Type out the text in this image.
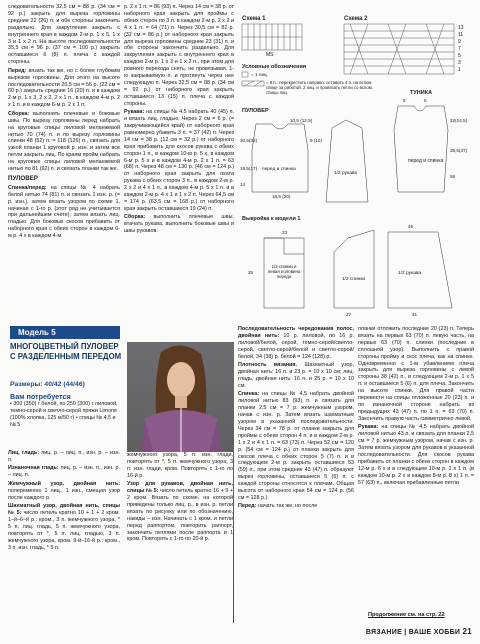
следовательности 32,5 см = 88 р. (34 см = 92 р.) закрыть для выреза горловины средние 22 (26) п. и обе стороны закончить раздельно. Для закругления закрыть с внутреннего края в каждом 2-м р. 1 х 5, 1 х 3 и 1 х 2 п. На высоте последовательности 35,5 см = 96 р. (37 см = 100 р.) закрыть оставшиеся 6 (8) п. плеча с каждой стороны.

Перед: вязать так же, но с более глубоким вырезом горловины. Для этого на высоте последовательности 20,5 см = 56 р. (22 см = 60 р.) закрыть средние 16 (20) п. и в каждом 2-м р. 1 х 3, 2 х 2, 2 х 1 п., в каждом 4-м р. 2 х 1 п. и в каждом 6-м р. 2 х 1 п.

Сборка: выполнить плечевые и боковые швы. По вырезу горловины перед набрать на круговые спицы лиловой меланжевой нитью 70 (74) п. и по вырезу горловины спинки 48 (52) п. = 118 (126) п., связать для узкой планки 1 круговой р. изн. и затем все петли закрыть лиц. По краям пройм набрать на круговые спицы лиловой меланжевой нитью по 81 (92) п. и связать планки так же.

ПУЛОВЕР

Спинка/перед: на спицы № 4 набрать белой нитью 74 (81) п. и связать 1 изн. р. (= р. изн.), затем вязать узором по схеме 1, начиная с 1-го р. (этот ряд не учитывается при дальнейшем счете); затем вязать лиц. гладью. Для боковых скосов прибавить от наборного края с обеих сторон в каждом 6-м р. 4 х в каждом 4-м

р. 2 х 1 п. = 86 (93) п. Через 14 см = 38 р. от наборного края закрыть для проймы с обеих сторон по 3 п. в каждом 2-м р. 2 х 2 и 4 х 1 п. = 64 (71) п. Через 30,5 см = 82 р. (32 см = 86 р.) от наборного края закрыть для выреза горловины средние 23 (31) п. и обе стороны закончить раздельно. Для закругления закрыть с внутреннего края в каждом 2-м р. 1 х 3 и 1 х 2 п., при этом для ровного перехода снять, не провязывая, 1-ю закрываемую п. и протянуть через нее следующую п. Через 32,5 см = 88 р. (34 см = 92 р.) от наборного края закрыть оставшиеся 13 (15) п. плеча с каждой стороны.

Рукава: на спицы № 4,5 набрать 40 (45) п. и вязать лиц. гладью. Через 2 см = 6 р. (= закручивающийся край) от наборного края равномерно убавить 3 п. = 37 (42) п. Через 14 см = 38 р. (12 см = 32 р.) от наборного края прибавить для скосов рукава с обеих сторон 1 п., в каждом 10-м р. 5 х, в каждом 6-м р. 5 х и в каждом 4-м р. 2 х 1 п. = 63 (68) п. Через 48 см = 130 р. (46 см = 124 р.) от наборного края закрыть для оката рукава с обеих сторон 3 п., в каждом 2-м р. 2 х 2 и 4 х 1 п., в каждом 4-м р. 5 х 1 п. и в каждом 2-м р. 4 х 1 и 1 х 2 п. Через 64,5 см = 174 р. (63,5 см = 168 р.) от наборного края закрыть оставшиеся 19 (24) п.

Сборка: выполнить плечевые швы, втачать рукава, выполнить боковые швы и швы рукавов.

Схема 1
MS
Схема 2
13
11
9
7
5
3
1
Условные обозначения
= 1 лиц.
= 8 п.: перекрестить направо: оставить 4 п. на вспом. спице за работой, 2 лиц. и провязать петли со вспом. спицы лиц.	ТУНИКА
перед и спинка
22(24,5)
35,5(37)
56
5	6
ПУЛОВЕР
перед и спинка
1/2 рукава
30,5(32)
16,5(17)
14
10,5 (12,5)
9 (10)
18,5 (20)
Выкройка к модели 1
1/2 спинки и левая половина переда
1/2 спинки
1/2 рукава
23
25
45
41
27
Модель 5
МНОГОЦВЕТНЫЙ ПУЛОВЕР С РАЗДЕЛЕННЫМ ПЕРЕДОМ
Размеры: 40/42 (44/46)
Вам потребуется
• 300 (350) г белой, по 250 (300) г лиловой, темно-серой и светло-серой пряжи Limone (100% хлопка, 125 м/50 г) • спицы № 4,5 и № 5

Лиц. гладь: лиц. р. – лиц. п., изн. р. – изн. п.

Изнаночная гладь: лиц. р. – изн. п., изн. р. – лиц. п.

Жемчужный узор, двойная нить: попеременно 1 лиц., 1 изн., смещая узор после каждого р.

Шахматный узор, двойная нить, спицы № 5: число петель кратно 10 + 1 + 2 кром. 1–й–6–й р.: кром., 3 п. жемчужного узора, * 5 п. лиц. гладь, 5 п. жемчужного узора, повторять от *, 5 п. лиц. гладью, 3 п. жемчужного узора, кром. 9-й–16-й р.: кром., 3 п. изн. гладь, * 5 п.

Последовательность чередования полос, двойная нить: 10 р. лиловой, по 16 р. лиловой/белой, серой, темно-серой/светло-серой, светло-серой/белой и светло-серой/белой, 34 (38) р. белой = 124 (128) р.

Плотность вязания. Шахматный узор, двойная нить: 16 п. и 23 р. = 10 х 10 см; лиц. гладь, двойная нить: 16 п. и 25 р. = 10 х 10 см.

Спинка: на спицы № 4,5 набрать двойной лиловой нитью 83 (93) п. и связать для планки 2,5 см = 7 р. жемчужным узором, начав с изн. р. Затем вязать шахматным узором в указанной последовательности. Через 34 см = 78 р. от планки закрыть для проймы с обеих сторон 4 п. и в каждом 2-м р. 1 х 2 и 4 х 1 п. = 63 (73) п. Через 52 см = 120 р. (54 см = 124 р.) от планки закрыть для скосов плеча с обеих сторон 5 (7) п. и в следующем 2-м р. закрыть оставшиеся 53 (59) п., при этом средние 43 (47) п. образуют вырез горловины, оставшиеся 5 (6) п. с каждой стороны относятся к плечам. Общая высота от наборного края 54 см = 124 р. (56 см = 128 р.).

Перед: начать так же, но после

планки отложить последние 20 (23) п. Теперь вязать на первых 63 (70) п. левую часть, на первых 63 (70) п. слинки (последние в сплошной узор). Выполнить с правой стороны пройму и скос плеча, как на спинке. Одновременно с 1-м убавлением плеча закрыть для выреза горловины с левой стороны 38 (42) п., в следующем 2-м р. 1 х 5 п. и оставшиеся 5 (6) п. для плеча. Закончить на высоте спинки. Для правой части перевести на спицы отложенные 20 (23) п. и по изнаночной стороне набрать из предыдущих 43 (47) п. по 1 п. = 63 (70) п. Закончить правую часть симметрично левой.

Рукава: на спицы № 4,5 набрать двойной лиловой нитью 43 п. и связать для планки 2,5 см = 7 р. жемчужным узором, начав с изн. р. Затем вязать узором для рукавов в указанной последовательности. Для скосов рукава прибавить от планки с обеих сторон в каждом 12-м р. 6 х и в следующем 10-м р. 1 х 1 п. (в каждом 10-м р. 2 х и каждом 8-м р. 8 х) 1 п. = 57 (63) п., включая прибавленные петли

Продолжение см. на стр. 22
ВЯЗАНИЕ | ВАШЕ ХОББИ 21

жемчужного узора, 5 п. изн. глади, повторять от *, 5 п. жемчужного узора, 3 п. изн. глади, кром. Повторять с 1-го по 16-й р.

Узор для рукавов, двойная нить, спицы № 5: число петель кратно 16 + 9 + 2 кром. Вязать по схеме, на которой приведены только лиц. р., в изн. р. петли вязать по рисунку или по обозначению, накиды – изн. Начинать с 1 кром. и петли перед раппортом, повторить раппорт, закончить петлями после раппорта и 1 кром. Повторять с 1-го по 20-й р.
